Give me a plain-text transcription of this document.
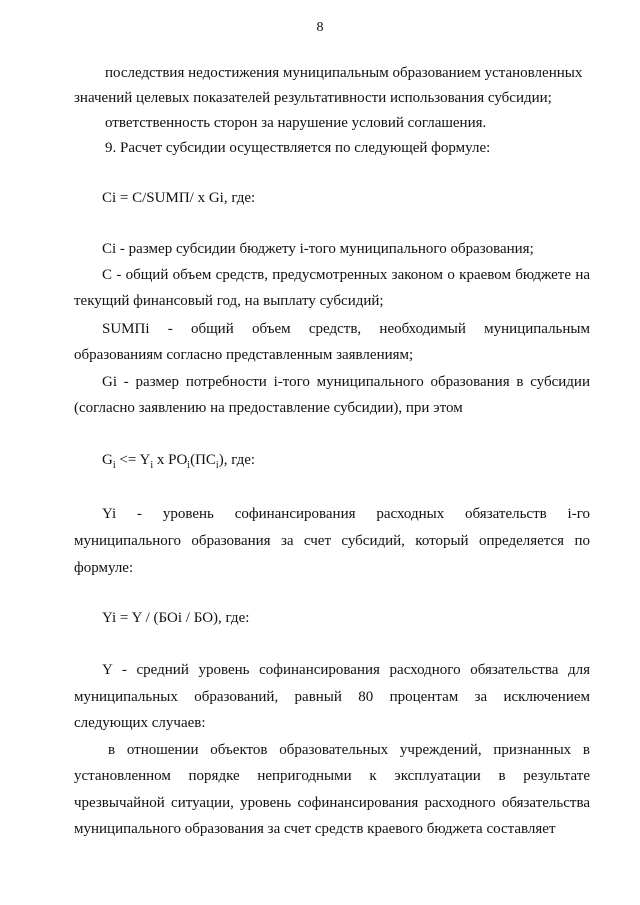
8
последствия недостижения муниципальным образованием установленных
значений целевых показателей результативности использования субсидии;
ответственность сторон за нарушение условий соглашения.
9. Расчет субсидии осуществляется по следующей формуле:
Ci = C/SUMП/ x Gi, где:
Ci - размер субсидии бюджету i-того муниципального образования;
C - общий объем средств, предусмотренных законом о краевом бюджете на
текущий финансовый год, на выплату субсидий;
SUMПi - общий объем средств, необходимый муниципальным
образованиям согласно представленным заявлениям;
Gi - размер потребности i-того муниципального образования в субсидии
(согласно заявлению на предоставление субсидии), при этом
$G_i <= Y_i$ x $PO_i(ПC_i)$, где:
Yi - уровень софинансирования расходных обязательств i-го
муниципального образования за счет субсидий, который определяется по
формуле:
Yi = Y / (БОi / БО), где:
Y - средний уровень софинансирования расходного обязательства для
муниципальных образований, равный 80 процентам за исключением
следующих случаев:
в отношении объектов образовательных учреждений, признанных в
установленном порядке непригодными к эксплуатации в результате
чрезвычайной ситуации, уровень софинансирования расходного обязательства
муниципального образования за счет средств краевого бюджета составляет
